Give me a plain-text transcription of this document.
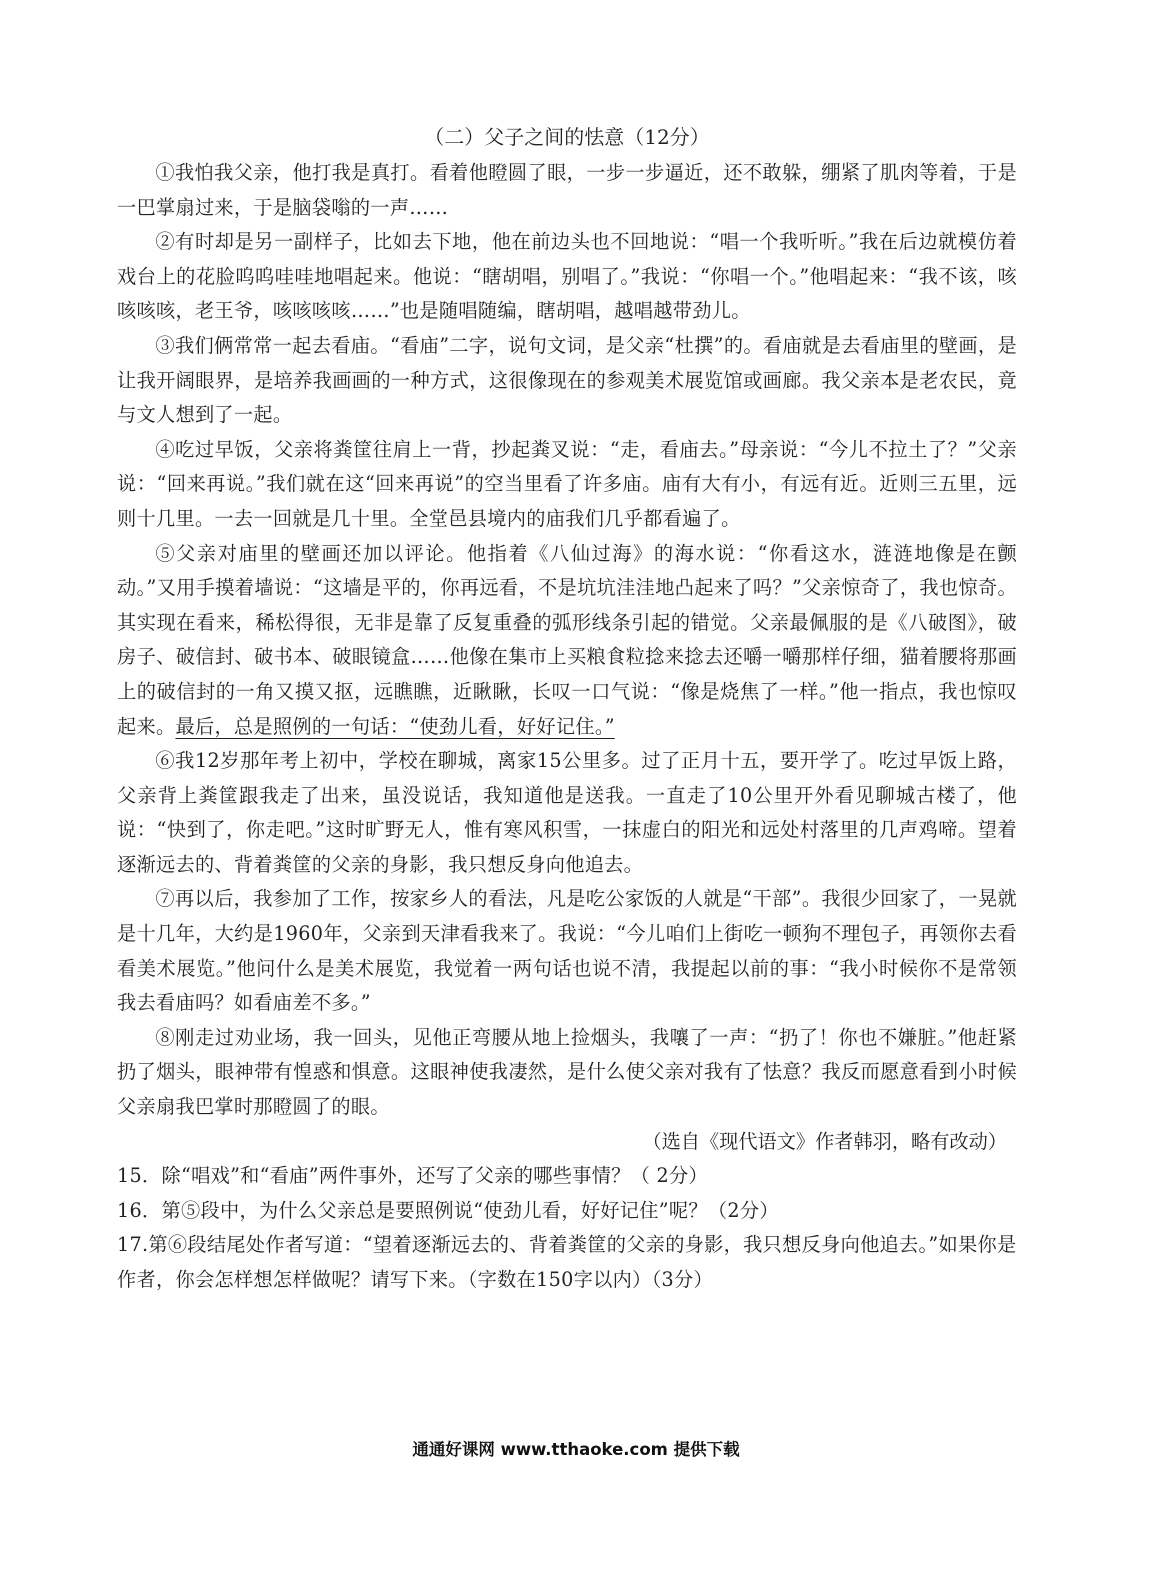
（二）父子之间的怯意（12分）

①我怕我父亲，他打我是真打。看着他瞪圆了眼，一步一步逼近，还不敢躲，绷紧了肌肉等着，于是一巴掌扇过来，于是脑袋嗡的一声……

②有时却是另一副样子，比如去下地，他在前边头也不回地说：“唱一个我听听。”我在后边就模仿着戏台上的花脸呜呜哇哇地唱起来。他说：“瞎胡唱，别唱了。”我说：“你唱一个。”他唱起来：“我不该，咳咳咳咳，老王爷，咳咳咳咳……”也是随唱随编，瞎胡唱，越唱越带劲儿。

③我们俩常常一起去看庙。“看庙”二字，说句文词，是父亲“杜撰”的。看庙就是去看庙里的壁画，是让我开阔眼界，是培养我画画的一种方式，这很像现在的参观美术展览馆或画廊。我父亲本是老农民，竟与文人想到了一起。

④吃过早饭，父亲将粪筐往肩上一背，抄起粪叉说：“走，看庙去。”母亲说：“今儿不拉土了？”父亲说：“回来再说。”我们就在这“回来再说”的空当里看了许多庙。庙有大有小，有远有近。近则三五里，远则十几里。一去一回就是几十里。全堂邑县境内的庙我们几乎都看遍了。

⑤父亲对庙里的壁画还加以评论。他指着《八仙过海》的海水说：“你看这水，涟涟地像是在颤动。”又用手摸着墙说：“这墙是平的，你再远看，不是坑坑洼洼地凸起来了吗？”父亲惊奇了，我也惊奇。其实现在看来，稀松得很，无非是靠了反复重叠的弧形线条引起的错觉。父亲最佩服的是《八破图》，破房子、破信封、破书本、破眼镜盒……他像在集市上买粮食粒捻来捻去还嚼一嚼那样仔细，猫着腰将那画上的破信封的一角又摸又抠，远瞧瞧，近瞅瞅，长叹一口气说：“像是烧焦了一样。”他一指点，我也惊叹起来。最后，总是照例的一句话：“使劲儿看，好好记住。”

⑥我12岁那年考上初中，学校在聊城，离家15公里多。过了正月十五，要开学了。吃过早饭上路，父亲背上粪筐跟我走了出来，虽没说话，我知道他是送我。一直走了10公里开外看见聊城古楼了，他说：“快到了，你走吧。”这时旷野无人，惟有寒风积雪，一抹虚白的阳光和远处村落里的几声鸡啼。望着逐渐远去的、背着粪筐的父亲的身影，我只想反身向他追去。

⑦再以后，我参加了工作，按家乡人的看法，凡是吃公家饭的人就是“干部”。我很少回家了，一晃就是十几年，大约是1960年，父亲到天津看我来了。我说：“今儿咱们上街吃一顿狗不理包子，再领你去看看美术展览。”他问什么是美术展览，我觉着一两句话也说不清，我提起以前的事：“我小时候你不是常领我去看庙吗？如看庙差不多。”

⑧刚走过劝业场，我一回头，见他正弯腰从地上捡烟头，我嚷了一声：“扔了！你也不嫌脏。”他赶紧扔了烟头，眼神带有惶惑和惧意。这眼神使我凄然，是什么使父亲对我有了怯意？我反而愿意看到小时候父亲扇我巴掌时那瞪圆了的眼。

（选自《现代语文》作者韩羽，略有改动）

15．除“唱戏”和“看庙”两件事外，还写了父亲的哪些事情？（ 2分）

16．第⑤段中，为什么父亲总是要照例说“使劲儿看，好好记住”呢？（2分）

17.第⑥段结尾处作者写道：“望着逐渐远去的、背着粪筐的父亲的身影，我只想反身向他追去。”如果你是作者，你会怎样想怎样做呢？请写下来。（字数在150字以内）（3分）

通通好课网 www.tthaoke.com 提供下载
